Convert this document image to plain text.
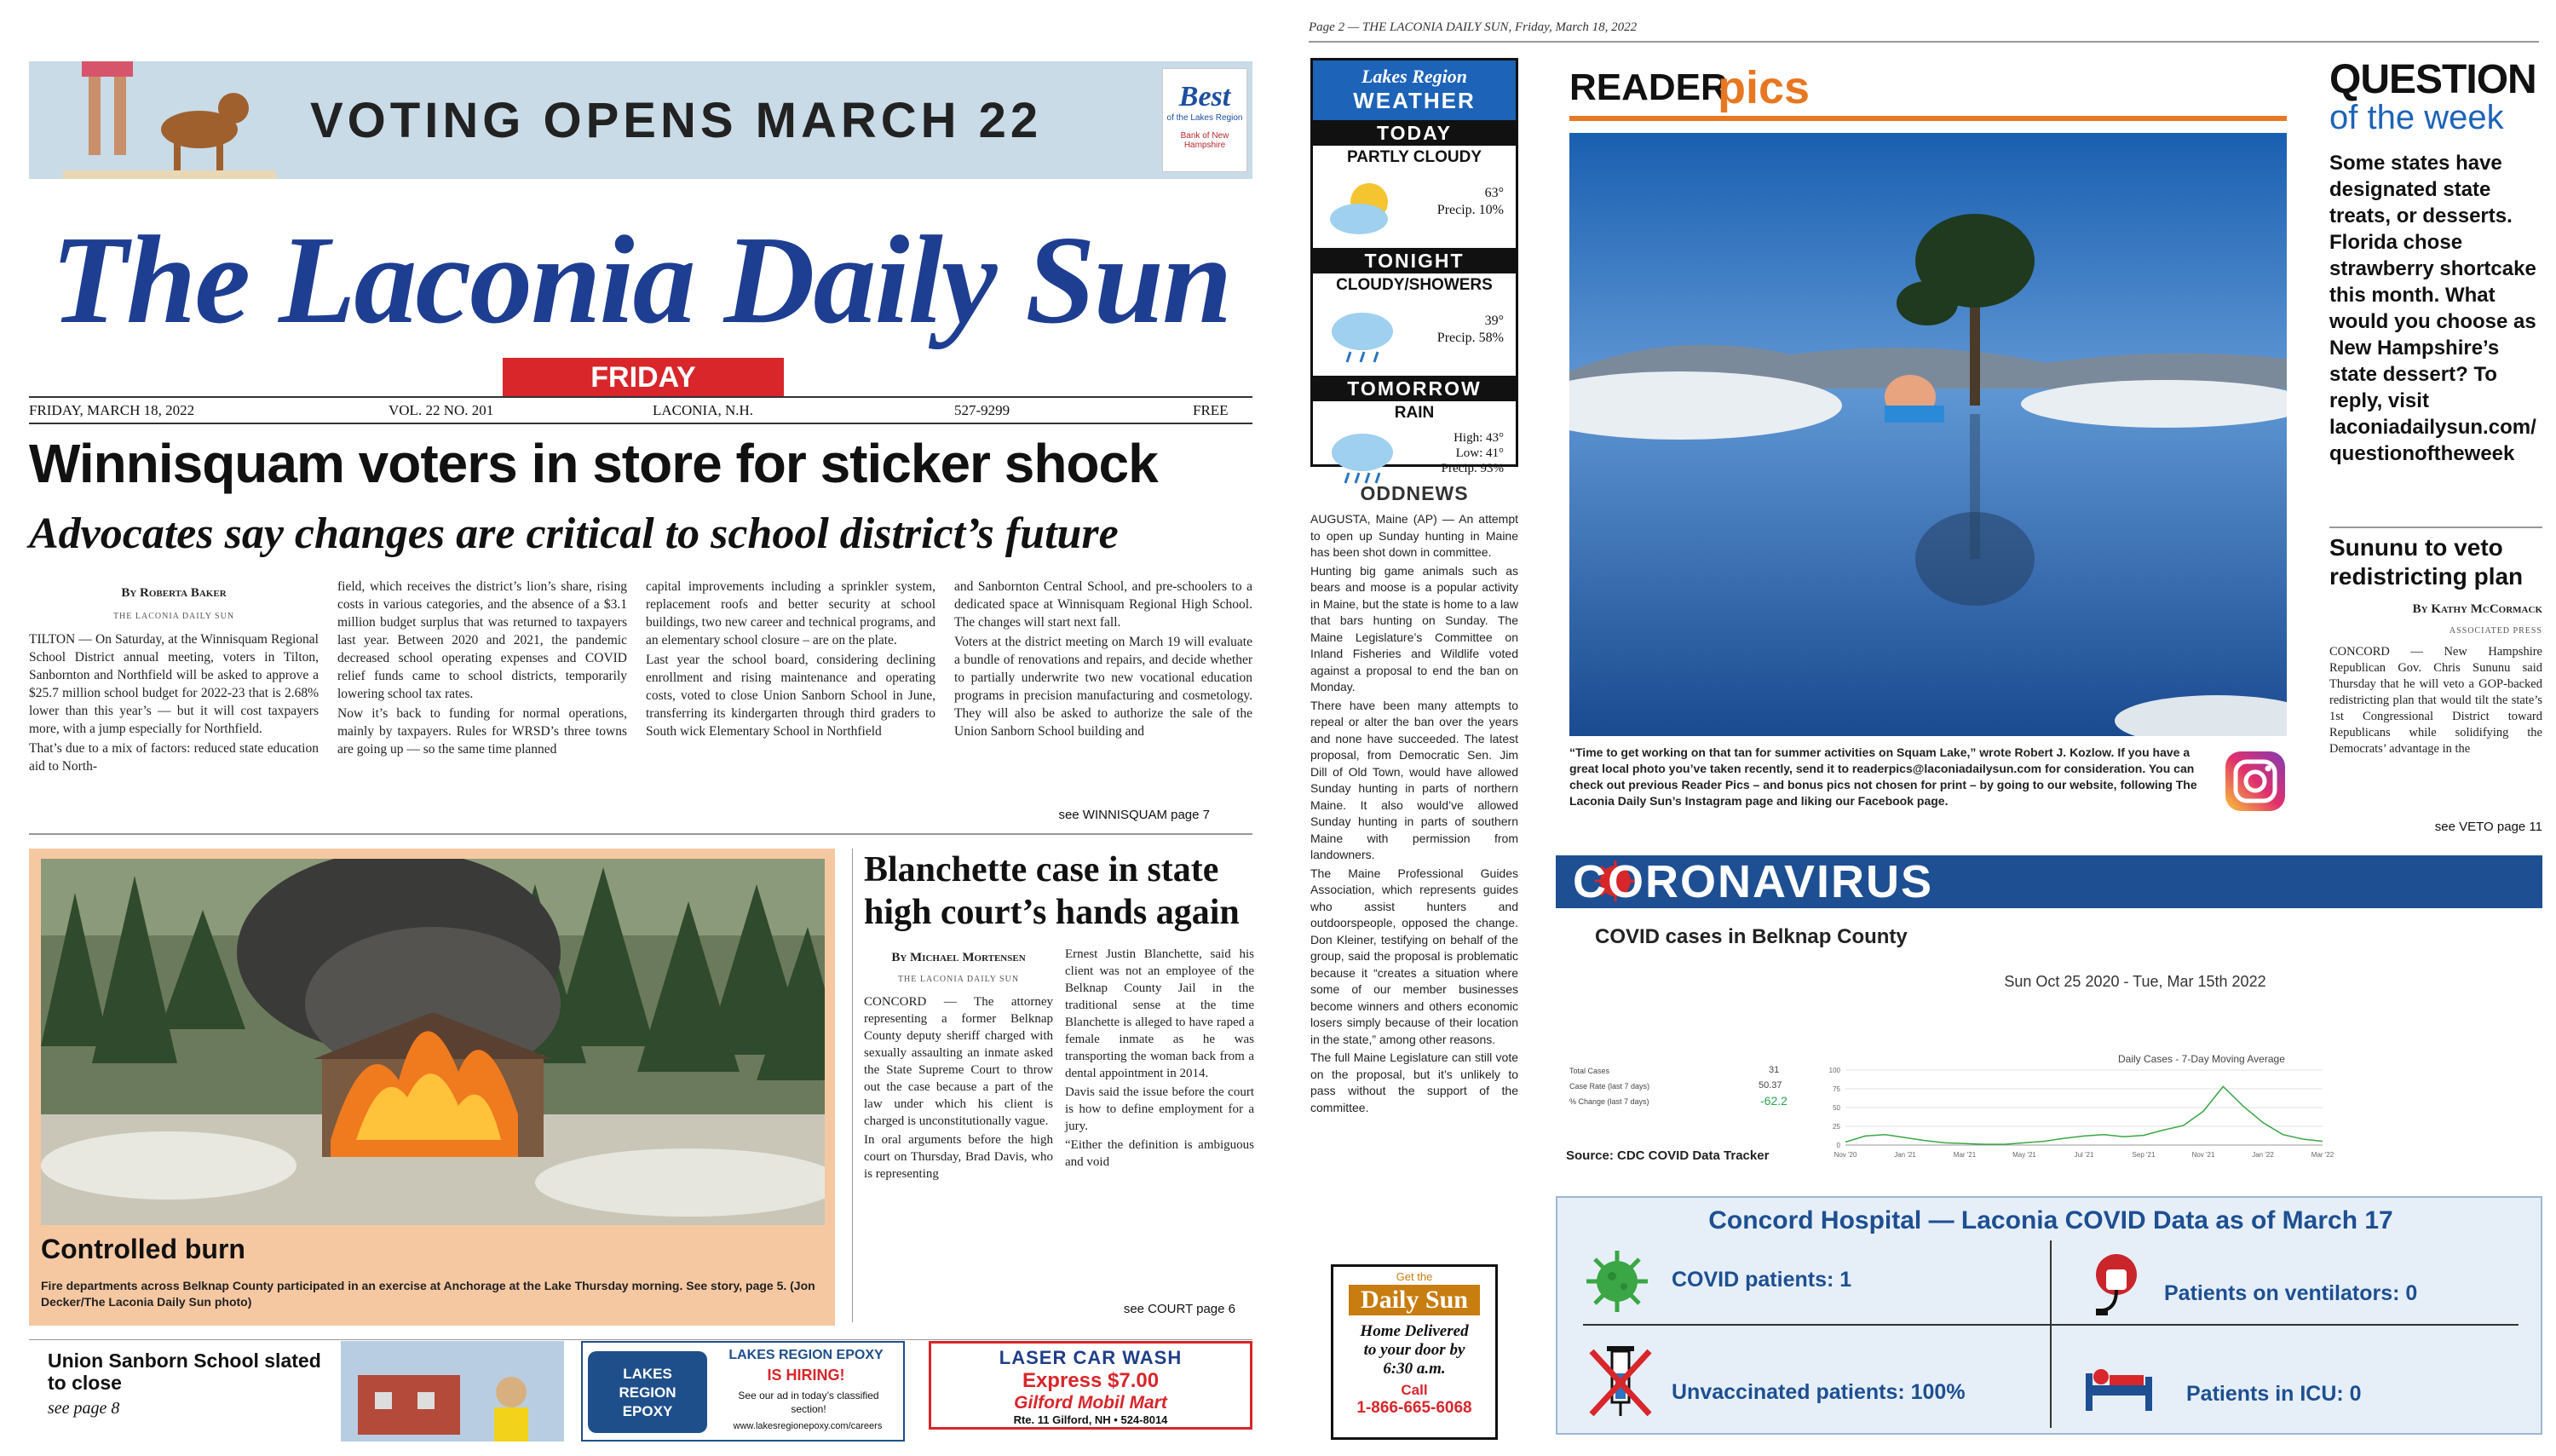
VOTING OPENS MARCH 22	Best
of the Lakes Region
Bank of New Hampshire
The Laconia Daily Sun
FRIDAY
FRIDAY, MARCH 18, 2022	VOL. 22 NO. 201	LACONIA, N.H.	527-9299	FREE
Winnisquam voters in store for sticker shock
Advocates say changes are critical to school district’s future
By Roberta Baker
THE LACONIA DAILY SUN

TILTON — On Saturday, at the Winnisquam Regional School District annual meeting, voters in Tilton, Sanbornton and Northfield will be asked to approve a $25.7 million school budget for 2022-23 that is 2.68% lower than this year’s — but it will cost taxpayers more, with a jump especially for Northfield.

That’s due to a mix of factors: reduced state education aid to North-

field, which receives the district’s lion’s share, rising costs in various categories, and the absence of a $3.1 million budget surplus that was returned to taxpayers last year. Between 2020 and 2021, the pandemic decreased school operating expenses and COVID relief funds came to school districts, temporarily lowering school tax rates.

Now it’s back to funding for normal operations, mainly by taxpayers. Rules for WRSD’s three towns are going up — so the same time planned

capital improvements including a sprinkler system, replacement roofs and better security at school buildings, two new career and technical programs, and an elementary school closure – are on the plate.

Last year the school board, considering declining enrollment and rising maintenance and operating costs, voted to close Union Sanborn School in June, transferring its kindergarten through third graders to South wick Elementary School in Northfield

and Sanbornton Central School, and pre-schoolers to a dedicated space at Winnisquam Regional High School. The changes will start next fall.

Voters at the district meeting on March 19 will evaluate a bundle of renovations and repairs, and decide whether to partially underwrite two new vocational education programs in precision manufacturing and cosmetology. They will also be asked to authorize the sale of the Union Sanborn School building and

see WINNISQUAM page 7
Controlled burn
Fire departments across Belknap County participated in an exercise at Anchorage at the Lake Thursday morning. See story, page 5. (Jon Decker/The Laconia Daily Sun photo)
Blanchette case in state high court’s hands again
By Michael Mortensen
THE LACONIA DAILY SUN

CONCORD — The attorney representing a former Belknap County deputy sheriff charged with sexually assaulting an inmate asked the State Supreme Court to throw out the case because a part of the law under which his client is charged is unconstitutionally vague.

In oral arguments before the high court on Thursday, Brad Davis, who is representing

Ernest Justin Blanchette, said his client was not an employee of the Belknap County Jail in the traditional sense at the time Blanchette is alleged to have raped a female inmate as he was transporting the woman back from a dental appointment in 2014.

Davis said the issue before the court is how to define employment for a jury.

“Either the definition is ambiguous and void

see COURT page 6
Union Sanborn School slated to close
see page 8
LAKES REGION EPOXY
LAKES REGION EPOXY
IS HIRING!
See our ad in today’s classified section!
www.lakesregionepoxy.com/careers
LASER CAR WASH
Express $7.00
Gilford Mobil Mart
Rte. 11 Gilford, NH • 524-8014
Page 2 — THE LACONIA DAILY SUN, Friday, March 18, 2022
Lakes Region
WEATHER
TODAY
PARTLY CLOUDY
63°
Precip. 10%
TONIGHT
CLOUDY/SHOWERS
39°
Precip. 58%
TOMORROW
RAIN
High: 43°
Low: 41°
Precip. 93%
ODDNEWS

AUGUSTA, Maine (AP) — An attempt to open up Sunday hunting in Maine has been shot down in committee.

Hunting big game animals such as bears and moose is a popular activity in Maine, but the state is home to a law that bars hunting on Sunday. The Maine Legislature’s Committee on Inland Fisheries and Wildlife voted against a proposal to end the ban on Monday.

There have been many attempts to repeal or alter the ban over the years and none have succeeded. The latest proposal, from Democratic Sen. Jim Dill of Old Town, would have allowed Sunday hunting in parts of northern Maine. It also would’ve allowed Sunday hunting in parts of southern Maine with permission from landowners.

The Maine Professional Guides Association, which represents guides who assist hunters and outdoorspeople, opposed the change. Don Kleiner, testifying on behalf of the group, said the proposal is problematic because it “creates a situation where some of our member businesses become winners and others economic losers simply because of their location in the state,” among other reasons.

The full Maine Legislature can still vote on the proposal, but it’s unlikely to pass without the support of the committee.

Get the
Daily Sun
Home Delivered
to your door by
6:30 a.m.
Call
1-866-665-6068
READER
pics
“Time to get working on that tan for summer activities on Squam Lake,” wrote Robert J. Kozlow. If you have a great local photo you’ve taken recently, send it to readerpics@laconiadailysun.com for consideration. You can check out previous Reader Pics – and bonus pics not chosen for print – by going to our website, following The Laconia Daily Sun’s Instagram page and liking our Facebook page.
QUESTION
of the week
Some states have designated state treats, or desserts. Florida chose strawberry shortcake this month. What would you choose as New Hampshire’s state dessert? To reply, visit laconiadailysun.com/questionoftheweek
Sununu to veto redistricting plan
By Kathy McCormack
ASSOCIATED PRESS

CONCORD — New Hampshire Republican Gov. Chris Sununu said Thursday that he will veto a GOP-backed redistricting plan that would tilt the state’s 1st Congressional District toward Republicans while solidifying the Democrats’ advantage in the

see VETO page 11
CORONAVIRUS
COVID cases in Belknap County
Sun Oct 25 2020 - Tue, Mar 15th 2022
Total Cases	31
Case Rate (last 7 days)	50.37
% Change (last 7 days)	-62.2
Source: CDC COVID Data Tracker
Daily Cases - 7-Day Moving Average
0
25
50
75
100
Nov '20	Jan '21	Mar '21	May '21	Jul '21	Sep '21	Nov '21	Jan '22	Mar '22
Concord Hospital — Laconia COVID Data as of March 17
COVID patients: 1
Patients on ventilators: 0
Unvaccinated patients: 100%	Patients in ICU: 0
